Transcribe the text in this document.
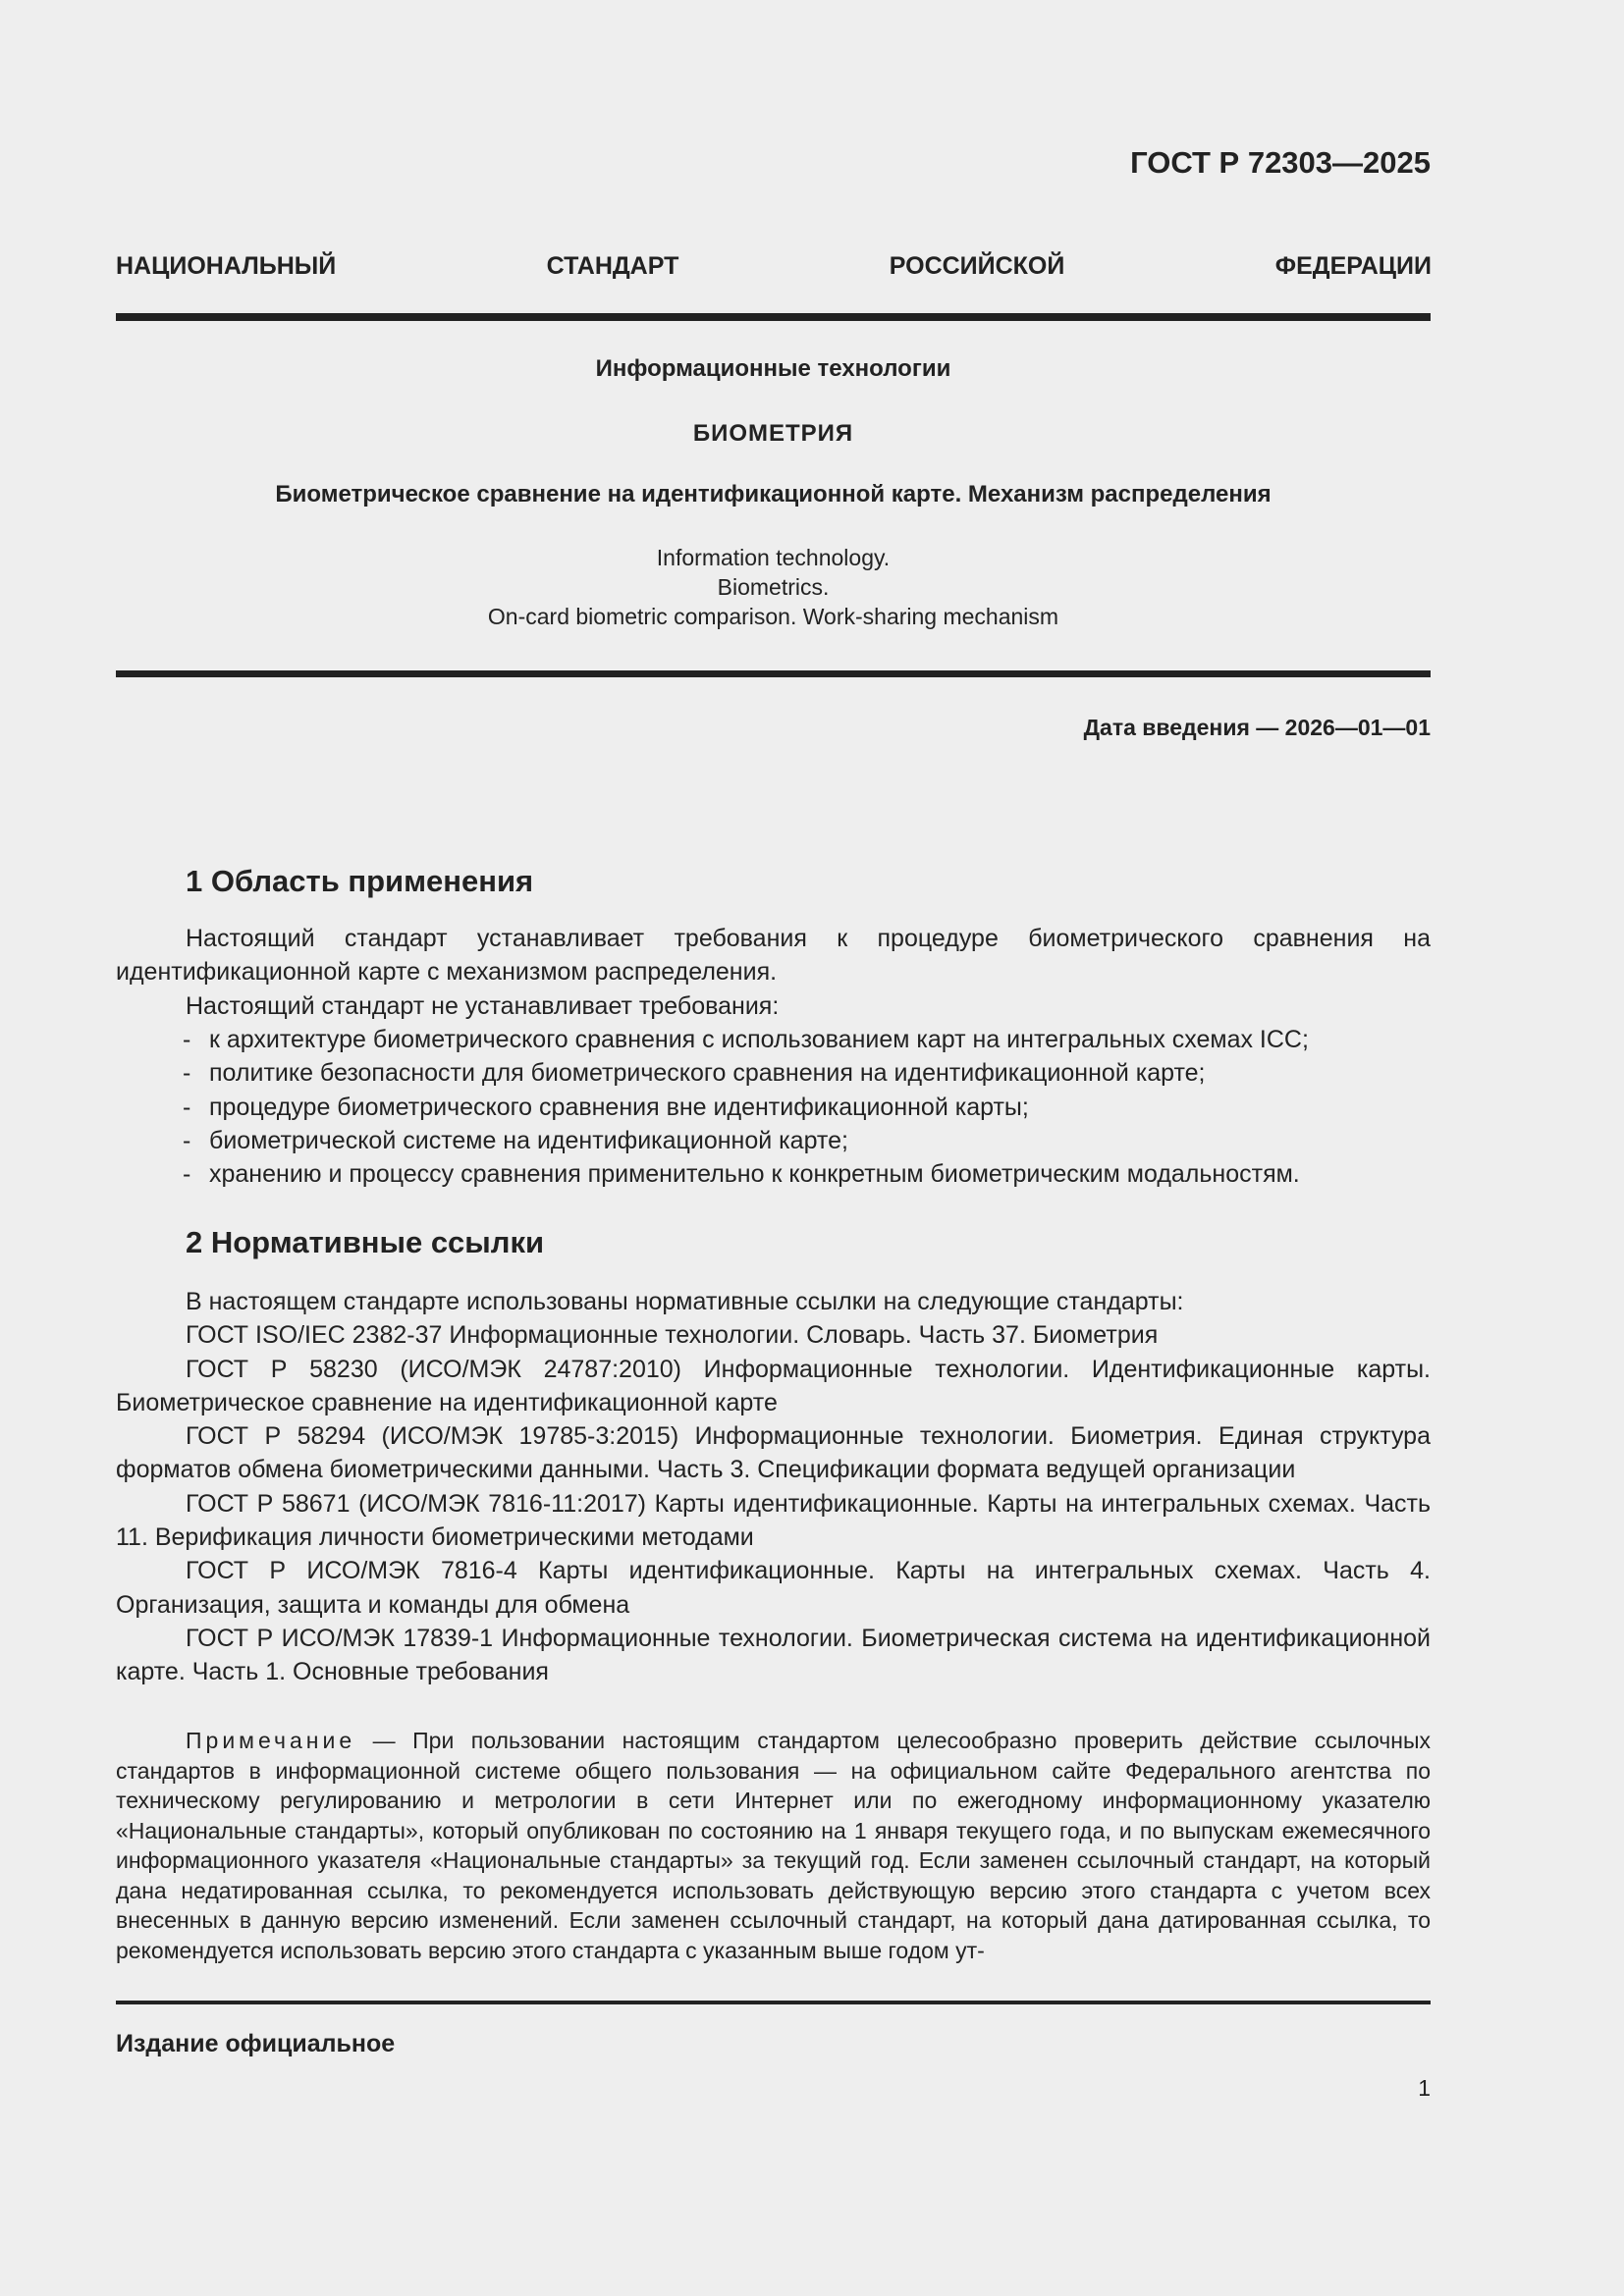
ГОСТ Р 72303—2025
НАЦИОНАЛЬНЫЙ СТАНДАРТ РОССИЙСКОЙ ФЕДЕРАЦИИ
Информационные технологии
БИОМЕТРИЯ
Биометрическое сравнение на идентификационной карте. Механизм распределения
Information technology.
Biometrics.
On-card biometric comparison. Work-sharing mechanism
Дата введения — 2026—01—01
1 Область применения

Настоящий стандарт устанавливает требования к процедуре биометрического сравнения на идентификационной карте с механизмом распределения.

Настоящий стандарт не устанавливает требования:

- к архитектуре биометрического сравнения с использованием карт на интегральных схемах ICC;
- политике безопасности для биометрического сравнения на идентификационной карте;
- процедуре биометрического сравнения вне идентификационной карты;
- биометрической системе на идентификационной карте;
- хранению и процессу сравнения применительно к конкретным биометрическим модальностям.
2 Нормативные ссылки

В настоящем стандарте использованы нормативные ссылки на следующие стандарты:

ГОСТ ISO/IEC 2382-37 Информационные технологии. Словарь. Часть 37. Биометрия

ГОСТ Р 58230 (ИСО/МЭК 24787:2010) Информационные технологии. Идентификационные карты. Биометрическое сравнение на идентификационной карте

ГОСТ Р 58294 (ИСО/МЭК 19785-3:2015) Информационные технологии. Биометрия. Единая структура форматов обмена биометрическими данными. Часть 3. Спецификации формата ведущей организации

ГОСТ Р 58671 (ИСО/МЭК 7816-11:2017) Карты идентификационные. Карты на интегральных схемах. Часть 11. Верификация личности биометрическими методами

ГОСТ Р ИСО/МЭК 7816-4 Карты идентификационные. Карты на интегральных схемах. Часть 4. Организация, защита и команды для обмена

ГОСТ Р ИСО/МЭК 17839-1 Информационные технологии. Биометрическая система на идентификационной карте. Часть 1. Основные требования

Примечание — При пользовании настоящим стандартом целесообразно проверить действие ссылочных стандартов в информационной системе общего пользования — на официальном сайте Федерального агентства по техническому регулированию и метрологии в сети Интернет или по ежегодному информационному указателю «Национальные стандарты», который опубликован по состоянию на 1 января текущего года, и по выпускам ежемесячного информационного указателя «Национальные стандарты» за текущий год. Если заменен ссылочный стандарт, на который дана недатированная ссылка, то рекомендуется использовать действующую версию этого стандарта с учетом всех внесенных в данную версию изменений. Если заменен ссылочный стандарт, на который дана датированная ссылка, то рекомендуется использовать версию этого стандарта с указанным выше годом ут-

Издание официальное
1
